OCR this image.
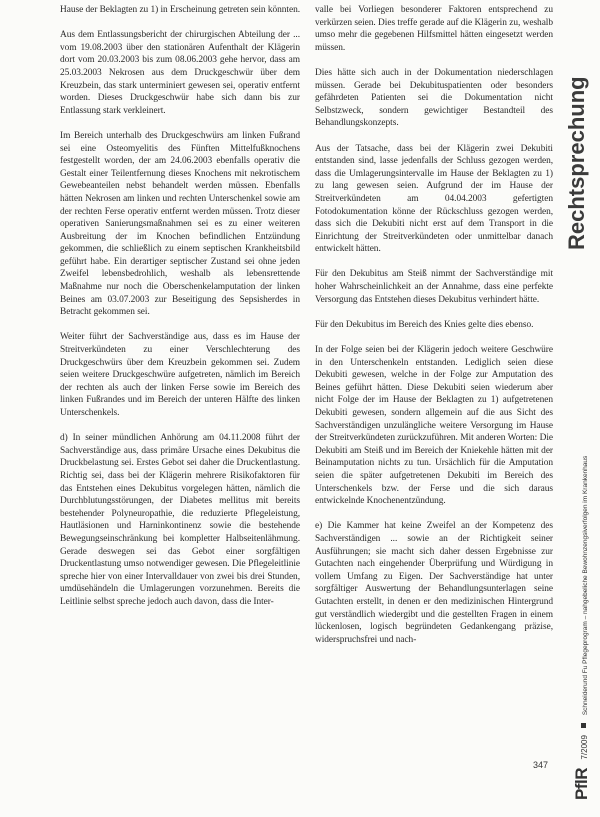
Hause der Beklagten zu 1) in Erscheinung getreten sein könnten.

Aus dem Entlassungsbericht der chirurgischen Abteilung der ... vom 19.08.2003 über den stationären Aufenthalt der Klägerin dort vom 20.03.2003 bis zum 08.06.2003 gehe hervor, dass am 25.03.2003 Nekrosen aus dem Druckgeschwür über dem Kreuzbein, das stark unterminiert gewesen sei, operativ entfernt worden. Dieses Druckgeschwür habe sich dann bis zur Entlassung stark verkleinert.

Im Bereich unterhalb des Druckgeschwürs am linken Fußrand sei eine Osteomyelitis des Fünften Mittelfußknochens festgestellt worden, der am 24.06.2003 ebenfalls operativ die Gestalt einer Teilentfernung dieses Knochens mit nekrotischem Gewebeanteilen nebst behandelt werden müssen. Ebenfalls hätten Nekrosen am linken und rechten Unterschenkel sowie am der rechten Ferse operativ entfernt werden müssen. Trotz dieser operativen Sanierungsmaßnahmen sei es zu einer weiteren Ausbreitung der im Knochen befindlichen Entzündung gekommen, die schließlich zu einem septischen Krankheitsbild geführt habe. Ein derartiger septischer Zustand sei ohne jeden Zweifel lebensbedrohlich, weshalb als lebensrettende Maßnahme nur noch die Oberschenkelamputation der linken Beines am 03.07.2003 zur Beseitigung des Sepsisherdes in Betracht gekommen sei.

Weiter führt der Sachverständige aus, dass es im Hause der Streitverkündeten zu einer Verschlechterung des Druckgeschwürs über dem Kreuzbein gekommen sei. Zudem seien weitere Druckgeschwüre aufgetreten, nämlich im Bereich der rechten als auch der linken Ferse sowie im Bereich des linken Fußrandes und im Bereich der unteren Hälfte des linken Unterschenkels.

d) In seiner mündlichen Anhörung am 04.11.2008 führt der Sachverständige aus, dass primäre Ursache eines Dekubitus die Druckbelastung sei. Erstes Gebot sei daher die Druckentlastung. Richtig sei, dass bei der Klägerin mehrere Risikofaktoren für das Entstehen eines Dekubitus vorgelegen hätten, nämlich die Durchblutungsstörungen, der Diabetes mellitus mit bereits bestehender Polyneuropathie, die reduzierte Pflegeleistung, Hautläsionen und Harninkontinenz sowie die bestehende Bewegungseinschränkung bei kompletter Halbseitenlähmung. Gerade deswegen sei das Gebot einer sorgfältigen Druckentlastung umso notwendiger gewesen. Die Pflegeleitlinie spreche hier von einer Intervalldauer von zwei bis drei Stunden, umdüsehändeln die Umlagerungen vorzunehmen. Bereits die Leitlinie selbst spreche jedoch auch davon, dass die Inter-

valle bei Vorliegen besonderer Faktoren entsprechend zu verkürzen seien. Dies treffe gerade auf die Klägerin zu, weshalb umso mehr die gegebenen Hilfsmittel hätten eingesetzt werden müssen.

Dies hätte sich auch in der Dokumentation niederschlagen müssen. Gerade bei Dekubituspatienten oder besonders gefährdeten Patienten sei die Dokumentation nicht Selbstzweck, sondern gewichtiger Bestandteil des Behandlungskonzepts.

Aus der Tatsache, dass bei der Klägerin zwei Dekubiti entstanden sind, lasse jedenfalls der Schluss gezogen werden, dass die Umlagerungsintervalle im Hause der Beklagten zu 1) zu lang gewesen seien. Aufgrund der im Hause der Streitverkündeten am 04.04.2003 gefertigten Fotodokumentation könne der Rückschluss gezogen werden, dass sich die Dekubiti nicht erst auf dem Transport in die Einrichtung der Streitverkündeten oder unmittelbar danach entwickelt hätten.

Für den Dekubitus am Steiß nimmt der Sachverständige mit hoher Wahrscheinlichkeit an der Annahme, dass eine perfekte Versorgung das Entstehen dieses Dekubitus verhindert hätte.

Für den Dekubitus im Bereich des Knies gelte dies ebenso.

In der Folge seien bei der Klägerin jedoch weitere Geschwüre in den Unterschenkeln entstanden. Lediglich seien diese Dekubiti gewesen, welche in der Folge zur Amputation des Beines geführt hätten. Diese Dekubiti seien wiederum aber nicht Folge der im Hause der Beklagten zu 1) aufgetretenen Dekubiti gewesen, sondern allgemein auf die aus Sicht des Sachverständigen unzulängliche weitere Versorgung im Hause der Streitverkündeten zurückzuführen. Mit anderen Worten: Die Dekubiti am Steiß und im Bereich der Kniekehle hätten mit der Beinamputation nichts zu tun. Ursächlich für die Amputation seien die später aufgetretenen Dekubiti im Bereich des Unterschenkels bzw. der Ferse und die sich daraus entwickelnde Knochenentzündung.

e) Die Kammer hat keine Zweifel an der Kompetenz des Sachverständigen ... sowie an der Richtigkeit seiner Ausführungen; sie macht sich daher dessen Ergebnisse zur Gutachten nach eingehender Überprüfung und Würdigung in vollem Umfang zu Eigen. Der Sachverständige hat unter sorgfältiger Auswertung der Behandlungsunterlagen seine Gutachten erstellt, in denen er den medizinischen Hintergrund gut verständlich wiedergibt und die gestellten Fragen in einem lückenlosen, logisch begründeten Gedankengang präzise, widerspruchsfrei und nach-

Rechtsprechung
PflR 7/2009  Schneiderund Fu Pflegeprogram – nahgebeliche Bewohnzengsiverfolgen im Krankenhaus
347
